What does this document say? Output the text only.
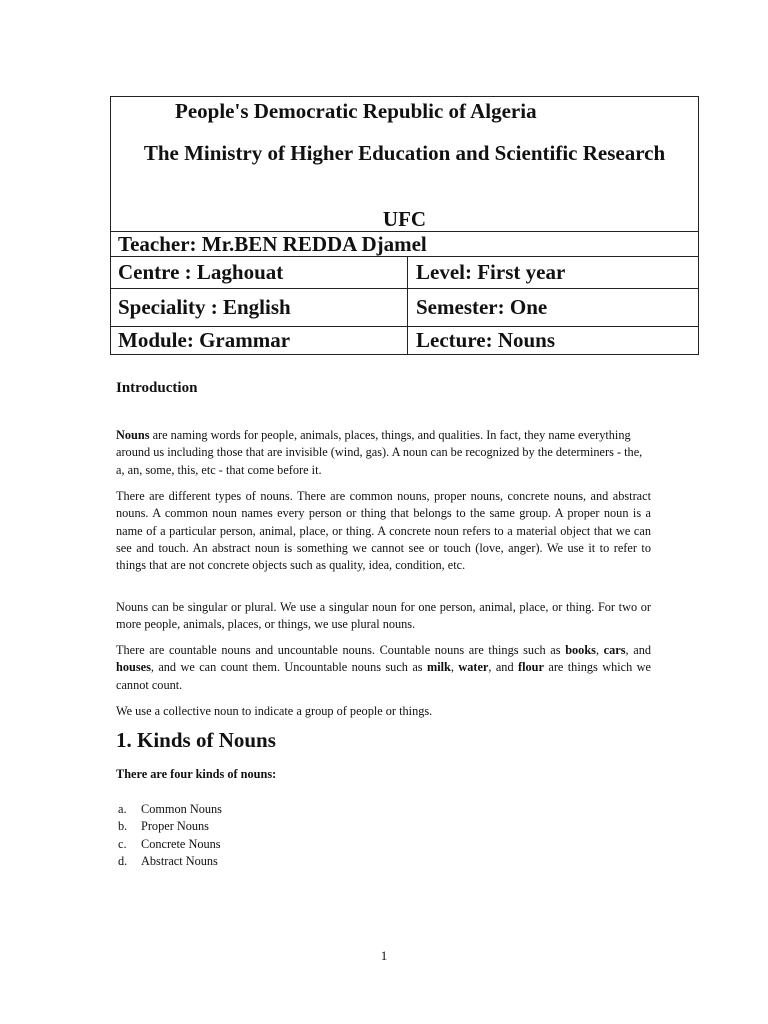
People's Democratic Republic of Algeria
The Ministry of Higher Education and Scientific Research
UFC
Teacher: Mr.BEN REDDA Djamel
Centre : Laghouat	Level: First year
Speciality : English	Semester: One
Module: Grammar	Lecture: Nouns
Introduction

Nouns are naming words for people, animals, places, things, and qualities. In fact, they name everything around us including those that are invisible (wind, gas). A noun can be recognized by the determiners - the, a, an, some, this, etc - that come before it.

There are different types of nouns. There are common nouns, proper nouns, concrete nouns, and abstract nouns. A common noun names every person or thing that belongs to the same group. A proper noun is a name of a particular person, animal, place, or thing. A concrete noun refers to a material object that we can see and touch. An abstract noun is something we cannot see or touch (love, anger). We use it to refer to things that are not concrete objects such as quality, idea, condition, etc.

Nouns can be singular or plural. We use a singular noun for one person, animal, place, or thing. For two or more people, animals, places, or things, we use plural nouns.

There are countable nouns and uncountable nouns. Countable nouns are things such as books, cars, and houses, and we can count them. Uncountable nouns such as milk, water, and flour are things which we cannot count.

We use a collective noun to indicate a group of people or things.

1. Kinds of Nouns
There are four kinds of nouns:
a.	Common Nouns
b.	Proper Nouns
c.	Concrete Nouns
d.	Abstract Nouns
1
